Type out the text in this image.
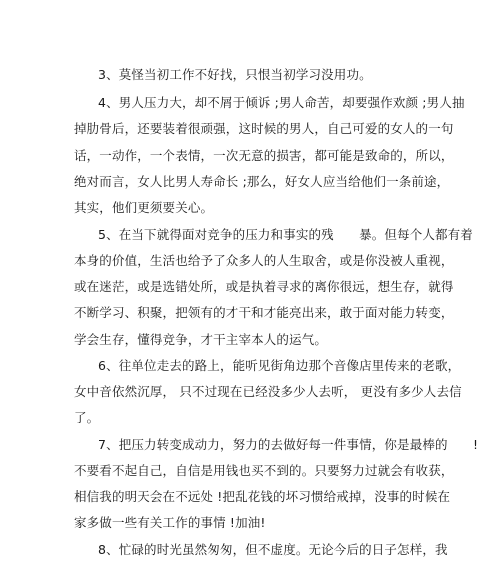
3、莫怪当初工作不好找，只恨当初学习没用功。
4、男人压力大，却不屑于倾诉 ;男人命苦，却要强作欢颜 ;男人抽
掉肋骨后，还要装着很顽强，这时候的男人，自己可爱的女人的一句
话，一动作，一个表情，一次无意的损害，都可能是致命的，所以，
绝对而言，女人比男人寿命长 ;那么，好女人应当给他们一条前途，
其实，他们更须要关心。
5、在当下就得面对竞争的压力和事实的残　　暴。但每个人都有着
本身的价值，生活也给予了众多人的人生取舍，或是你没被人重视，
或在迷茫，或是选错处所，或是执着寻求的离你很远，想生存，就得
不断学习、积聚，把领有的才干和才能亮出来，敢于面对能力转变，
学会生存，懂得竞争，才干主宰本人的运气。
6、往单位走去的路上，能听见街角边那个音像店里传来的老歌，
女中音依然沉厚， 只不过现在已经没多少人去听， 更没有多少人去信
了。
7、把压力转变成动力，努力的去做好每一件事情，你是最棒的　　!
不要看不起自己，自信是用钱也买不到的。只要努力过就会有收获，
相信我的明天会在不远处 !把乱花钱的坏习惯给戒掉，没事的时候在
家多做一些有关工作的事情 !加油!
8、忙碌的时光虽然匆匆，但不虚度。无论今后的日子怎样，我
